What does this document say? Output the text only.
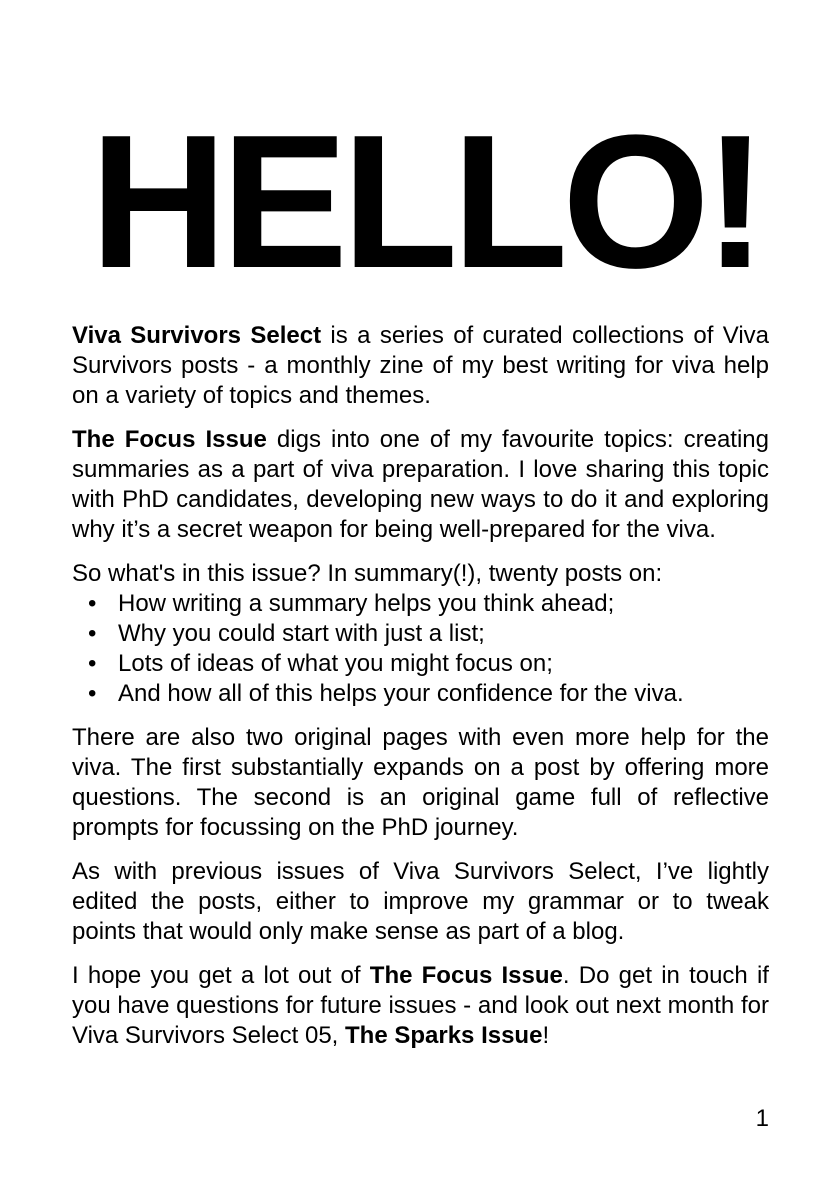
HELLO!

Viva Survivors Select is a series of curated collections of Viva Survivors posts - a monthly zine of my best writing for viva help on a variety of topics and themes.

The Focus Issue digs into one of my favourite topics: creating summaries as a part of viva preparation. I love sharing this topic with PhD candidates, developing new ways to do it and exploring why it’s a secret weapon for being well-prepared for the viva.

So what's in this issue? In summary(!), twenty posts on:

• How writing a summary helps you think ahead;
• Why you could start with just a list;
• Lots of ideas of what you might focus on;
• And how all of this helps your confidence for the viva.

There are also two original pages with even more help for the viva. The first substantially expands on a post by offering more questions. The second is an original game full of reflective prompts for focussing on the PhD journey.

As with previous issues of Viva Survivors Select, I’ve lightly edited the posts, either to improve my grammar or to tweak points that would only make sense as part of a blog.

I hope you get a lot out of The Focus Issue. Do get in touch if you have questions for future issues - and look out next month for Viva Survivors Select 05, The Sparks Issue!

1
